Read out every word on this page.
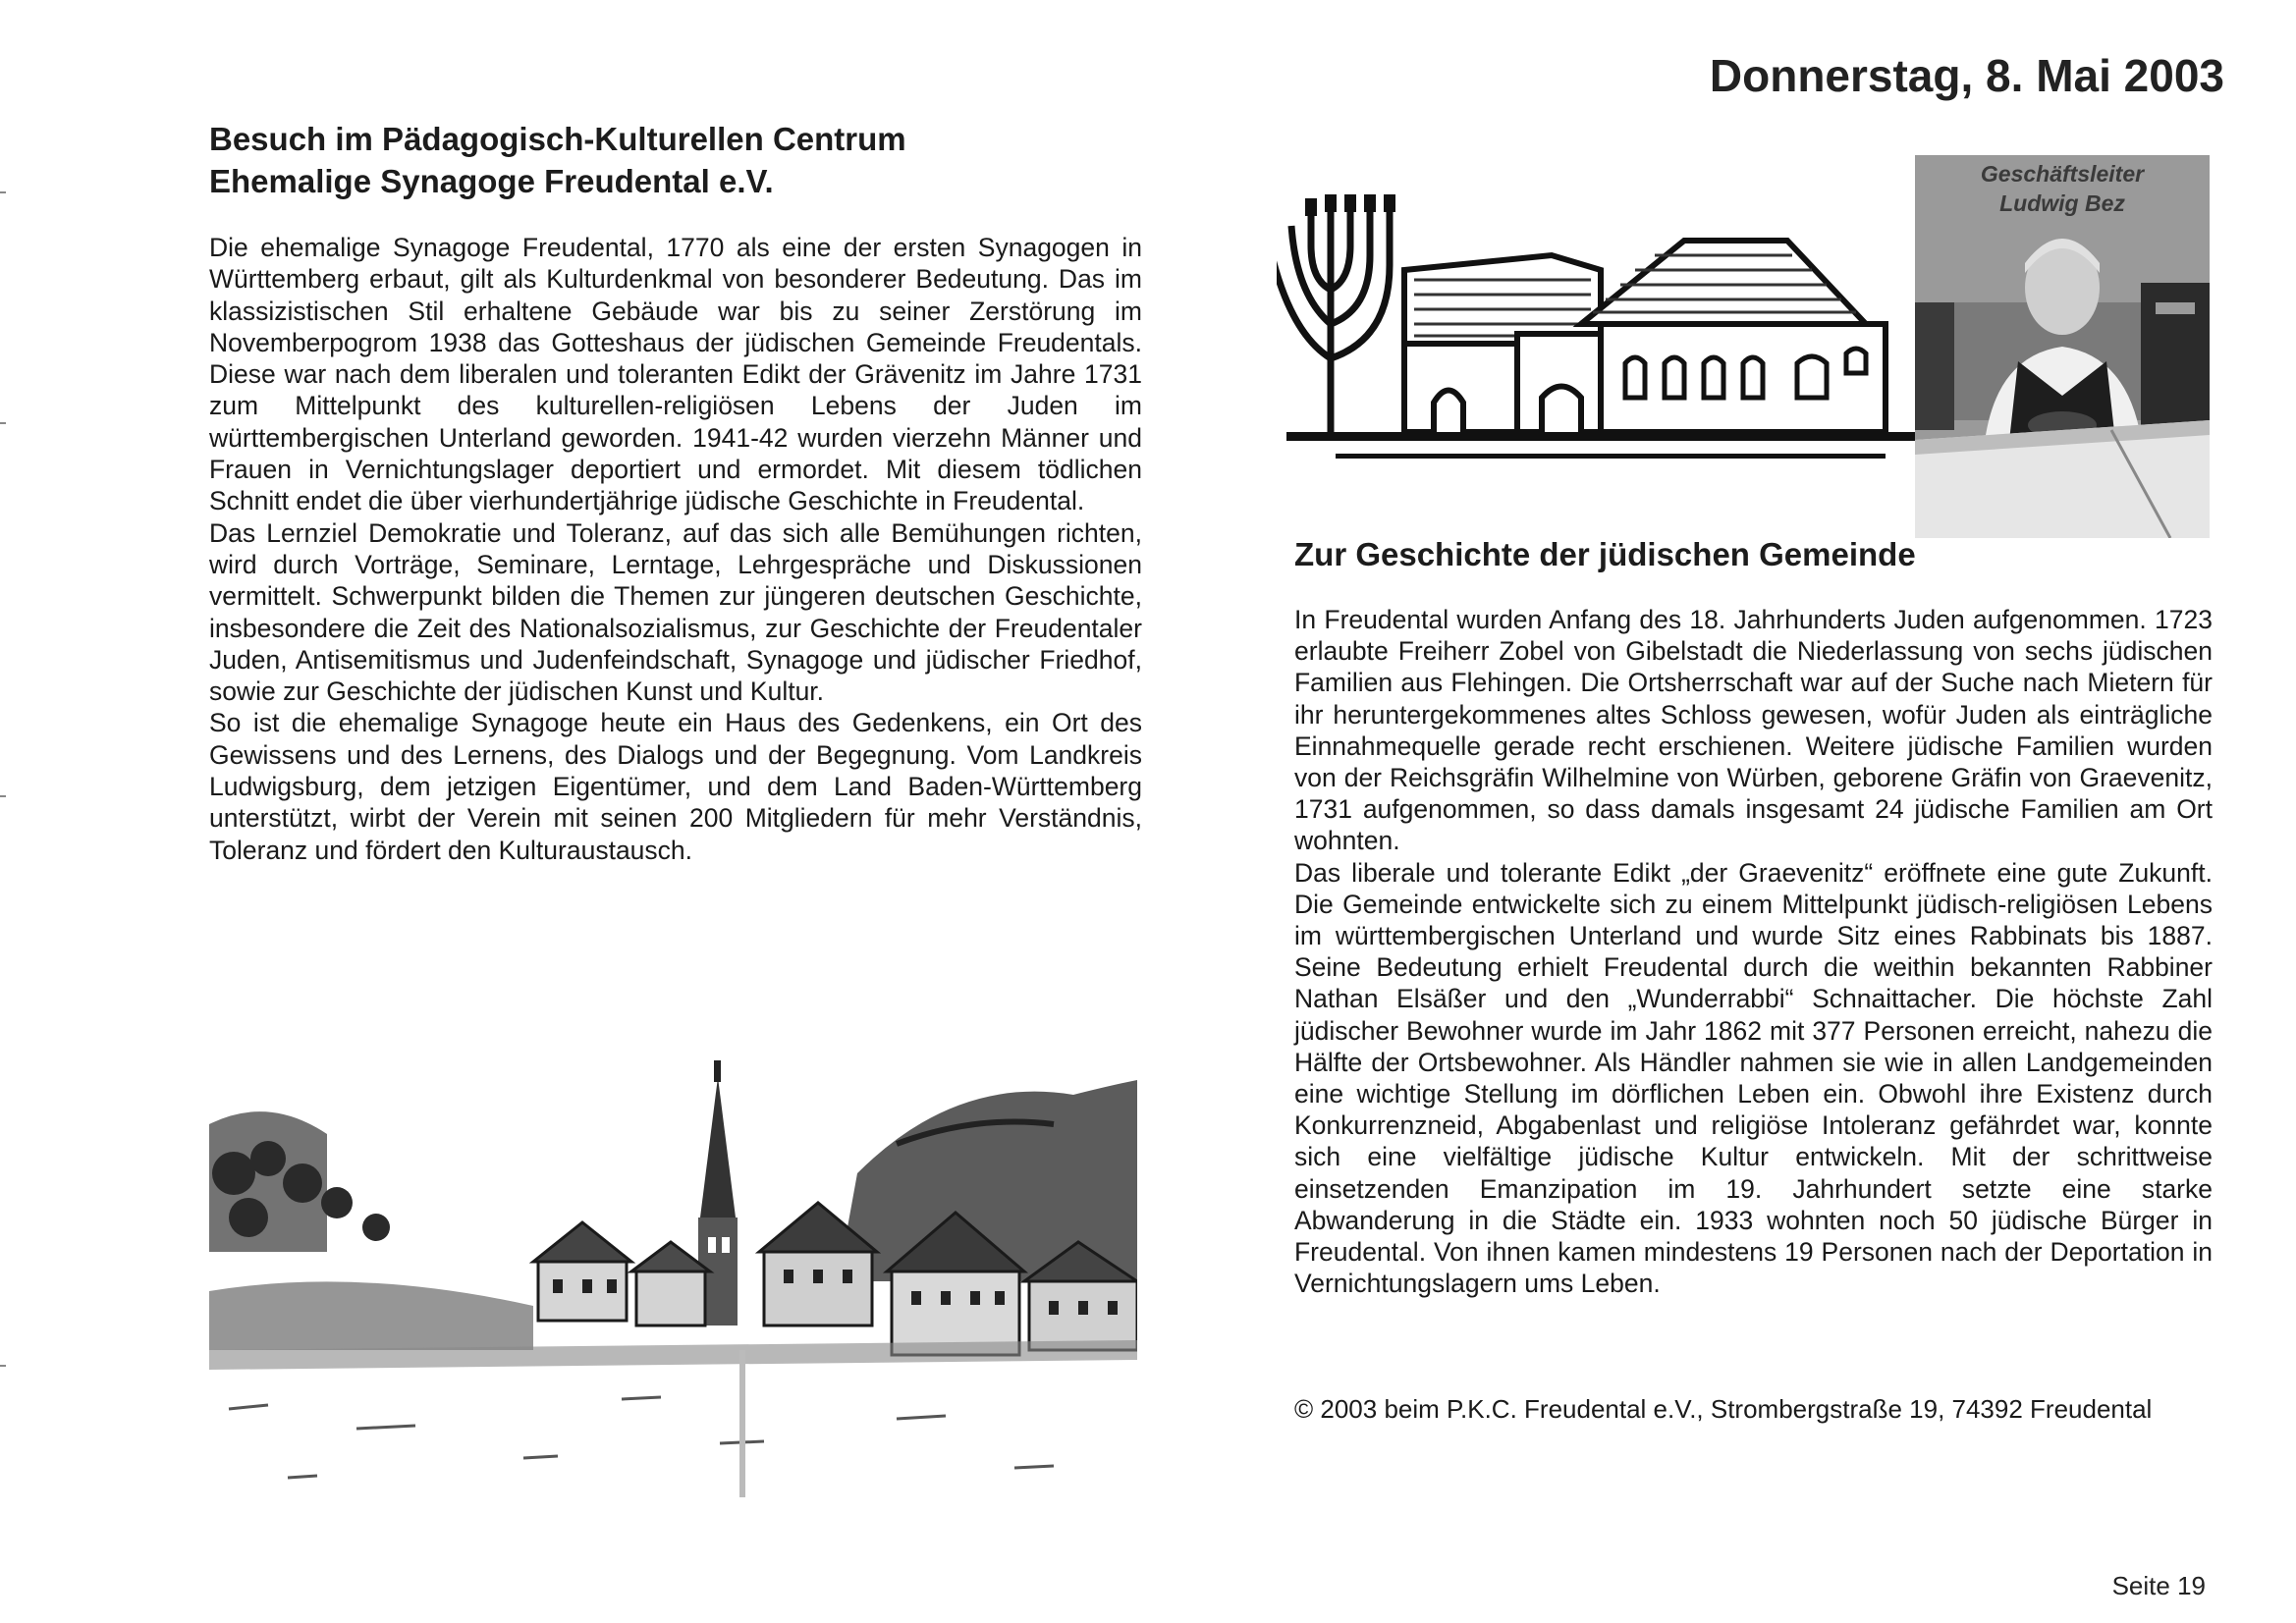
Donnerstag, 8. Mai 2003
Besuch im Pädagogisch-Kulturellen Centrum
Ehemalige Synagoge Freudental e.V.

Die ehemalige Synagoge Freudental, 1770 als eine der ersten Synagogen in Württemberg erbaut, gilt als Kulturdenkmal von besonderer Bedeutung. Das im klassizistischen Stil erhaltene Gebäude war bis zu seiner Zerstörung im Novemberpogrom 1938 das Gotteshaus der jüdischen Gemeinde Freudentals. Diese war nach dem liberalen und toleranten Edikt der Grävenitz im Jahre 1731 zum Mittelpunkt des kulturellen-religiösen Lebens der Juden im württembergischen Unterland geworden. 1941-42 wurden vierzehn Männer und Frauen in Vernichtungslager deportiert und ermordet. Mit diesem tödlichen Schnitt endet die über vierhundertjährige jüdische Geschichte in Freudental.

Das Lernziel Demokratie und Toleranz, auf das sich alle Bemühungen richten, wird durch Vorträge, Seminare, Lerntage, Lehrgespräche und Diskussionen vermittelt. Schwerpunkt bilden die Themen zur jüngeren deutschen Geschichte, insbesondere die Zeit des Nationalsozialismus, zur Geschichte der Freudentaler Juden, Antisemitismus und Judenfeindschaft, Synagoge und jüdischer Friedhof, sowie zur Geschichte der jüdischen Kunst und Kultur.

So ist die ehemalige Synagoge heute ein Haus des Gedenkens, ein Ort des Gewissens und des Lernens, des Dialogs und der Begegnung. Vom Landkreis Ludwigsburg, dem jetzigen Eigentümer, und dem Land Baden-Württemberg unterstützt, wirbt der Verein mit seinen 200 Mitgliedern für mehr Verständnis, Toleranz und fördert den Kulturaustausch.

Geschäftsleiter
Ludwig Bez
Zur Geschichte der jüdischen Gemeinde

In Freudental wurden Anfang des 18. Jahrhunderts Juden aufgenommen. 1723 erlaubte Freiherr Zobel von Gibelstadt die Niederlassung von sechs jüdischen Familien aus Flehingen. Die Ortsherrschaft war auf der Suche nach Mietern für ihr heruntergekommenes altes Schloss gewesen, wofür Juden als einträgliche Einnahmequelle gerade recht erschienen. Weitere jüdische Familien wurden von der Reichsgräfin Wilhelmine von Würben, geborene Gräfin von Graevenitz, 1731 aufgenommen, so dass damals insgesamt 24 jüdische Familien am Ort wohnten.

Das liberale und tolerante Edikt „der Graevenitz“ eröffnete eine gute Zukunft. Die Gemeinde entwickelte sich zu einem Mittelpunkt jüdisch-religiösen Lebens im württembergischen Unterland und wurde Sitz eines Rabbinats bis 1887. Seine Bedeutung erhielt Freudental durch die weithin bekannten Rabbiner Nathan Elsäßer und den „Wunderrabbi“ Schnaittacher. Die höchste Zahl jüdischer Bewohner wurde im Jahr 1862 mit 377 Personen erreicht, nahezu die Hälfte der Ortsbewohner. Als Händler nahmen sie wie in allen Landgemeinden eine wichtige Stellung im dörflichen Leben ein. Obwohl ihre Existenz durch Konkurrenzneid, Abgabenlast und religiöse Intoleranz gefährdet war, konnte sich eine vielfältige jüdische Kultur entwickeln. Mit der schrittweise einsetzenden Emanzipation im 19. Jahrhundert setzte eine starke Abwanderung in die Städte ein. 1933 wohnten noch 50 jüdische Bürger in Freudental. Von ihnen kamen mindestens 19 Personen nach der Deportation in Vernichtungslagern ums Leben.

© 2003 beim P.K.C. Freudental e.V., Strombergstraße 19, 74392 Freudental
Seite 19
